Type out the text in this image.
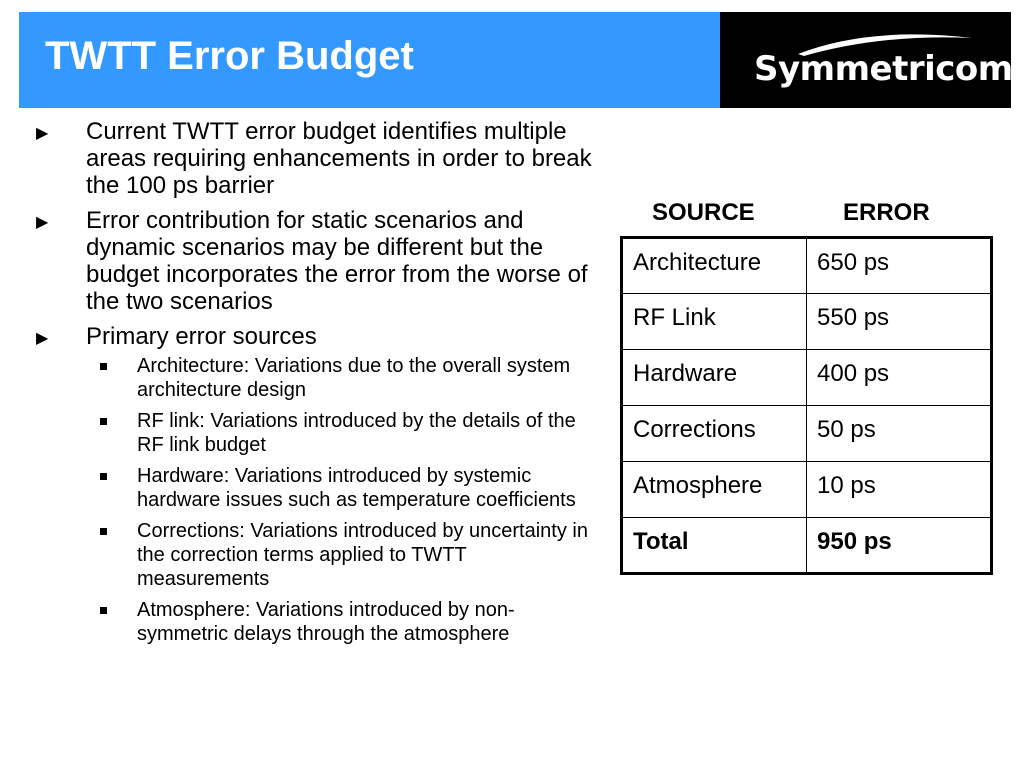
TWTT Error Budget	Symmetricom®
▶ Current TWTT error budget identifies multiple areas requiring enhancements in order to break the 100 ps barrier
▶ Error contribution for static scenarios and dynamic scenarios may be different but the budget incorporates the error from the worse of the two scenarios
▶ Primary error sources
Architecture: Variations due to the overall system architecture design
RF link: Variations introduced by the details of the RF link budget
Hardware: Variations introduced by systemic hardware issues such as temperature coefficients
Corrections: Variations introduced by uncertainty in the correction terms applied to TWTT measurements
Atmosphere: Variations introduced by non-symmetric delays through the atmosphere
SOURCE	ERROR
Architecture	650 ps
RF Link	550 ps
Hardware	400 ps
Corrections	50 ps
Atmosphere	10 ps
Total	950 ps
